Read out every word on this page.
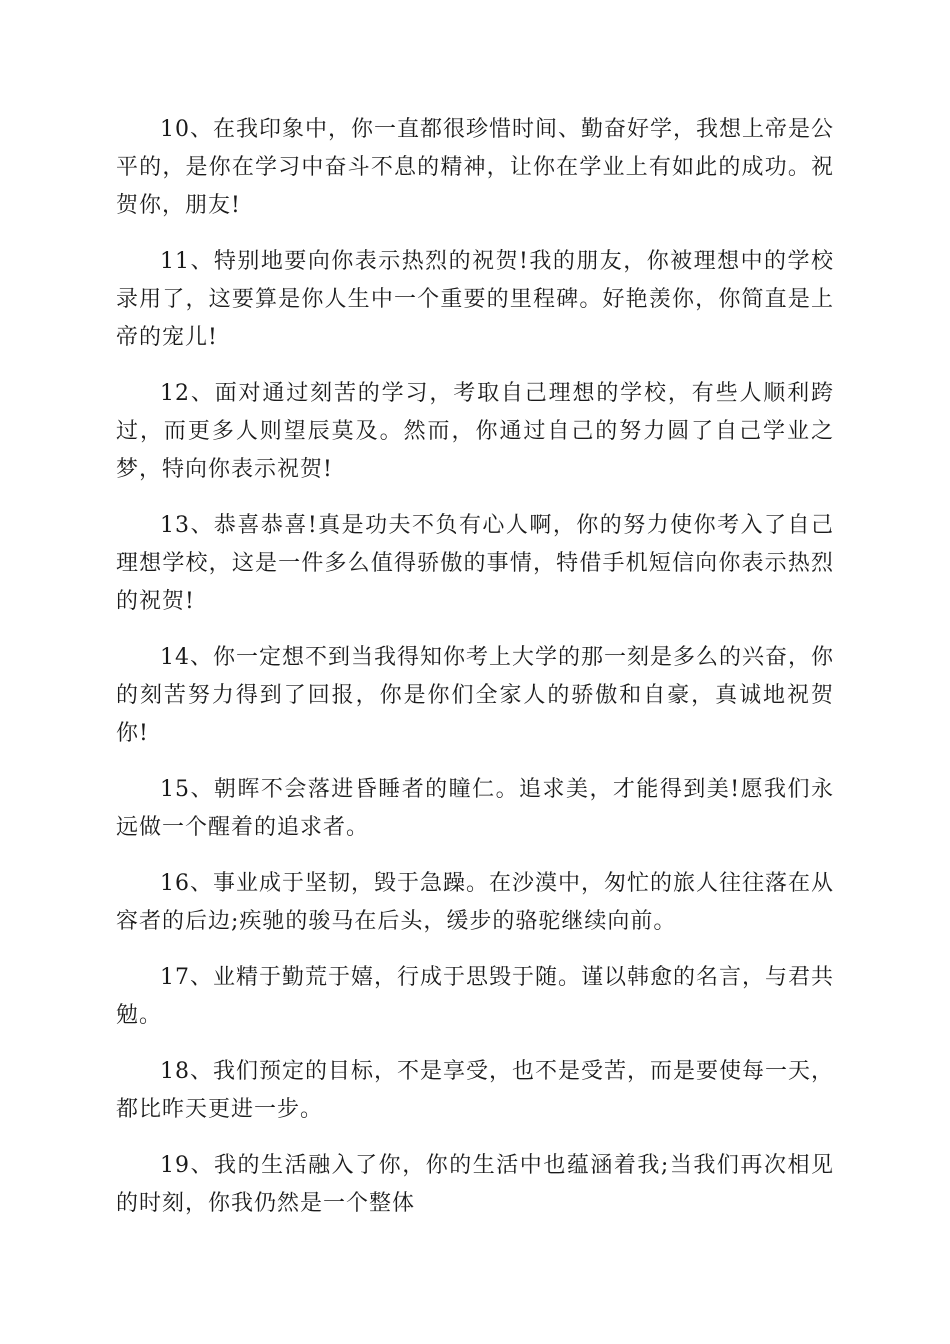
10、在我印象中，你一直都很珍惜时间、勤奋好学，我想上帝是公平的，是你在学习中奋斗不息的精神，让你在学业上有如此的成功。祝贺你，朋友!

11、特别地要向你表示热烈的祝贺!我的朋友，你被理想中的学校录用了，这要算是你人生中一个重要的里程碑。好艳羡你，你简直是上帝的宠儿!

12、面对通过刻苦的学习，考取自己理想的学校，有些人顺利跨过，而更多人则望辰莫及。然而，你通过自己的努力圆了自己学业之梦，特向你表示祝贺!

13、恭喜恭喜!真是功夫不负有心人啊，你的努力使你考入了自己理想学校，这是一件多么值得骄傲的事情，特借手机短信向你表示热烈的祝贺!

14、你一定想不到当我得知你考上大学的那一刻是多么的兴奋，你的刻苦努力得到了回报，你是你们全家人的骄傲和自豪，真诚地祝贺你!

15、朝晖不会落进昏睡者的瞳仁。追求美，才能得到美!愿我们永远做一个醒着的追求者。

16、事业成于坚韧，毁于急躁。在沙漠中，匆忙的旅人往往落在从容者的后边;疾驰的骏马在后头，缓步的骆驼继续向前。

17、业精于勤荒于嬉，行成于思毁于随。谨以韩愈的名言，与君共勉。

18、我们预定的目标，不是享受，也不是受苦，而是要使每一天，都比昨天更进一步。

19、我的生活融入了你，你的生活中也蕴涵着我;当我们再次相见的时刻，你我仍然是一个整体
